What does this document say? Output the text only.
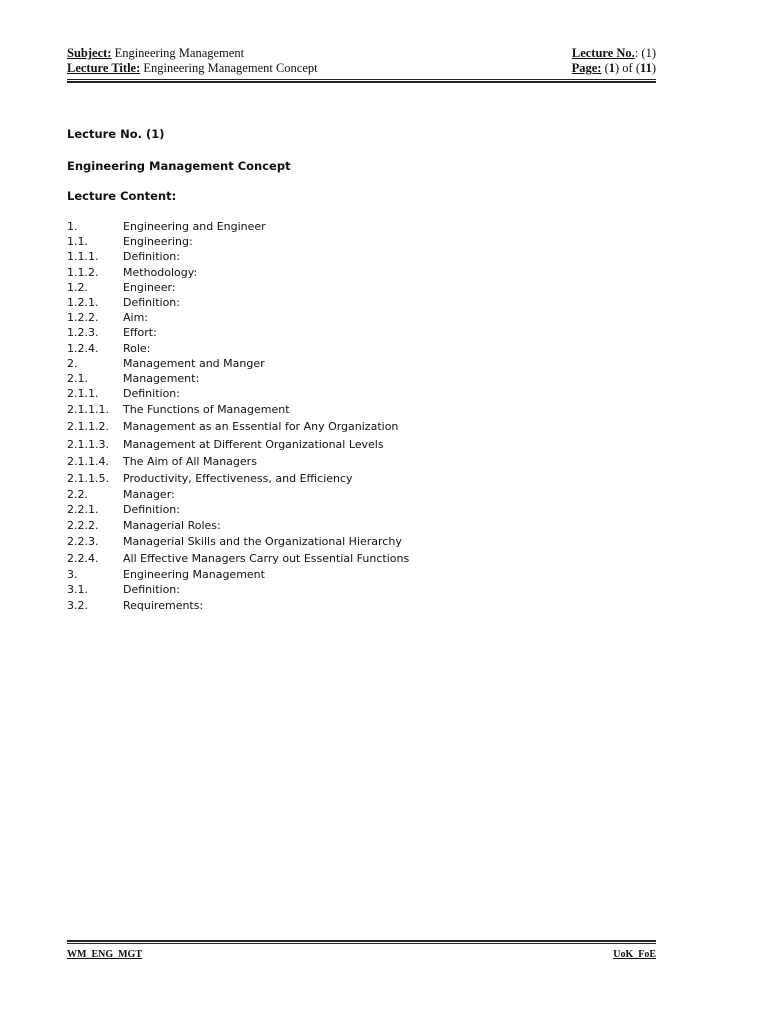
Subject: Engineering Management	Lecture No.: (1)
Lecture Title: Engineering Management Concept	Page: (1) of (11)

Lecture No. (1)

Engineering Management Concept

Lecture Content:

1.	Engineering and Engineer
1.1.	Engineering:
1.1.1.	Definition:
1.1.2.	Methodology:
1.2.	Engineer:
1.2.1.	Definition:
1.2.2.	Aim:
1.2.3.	Effort:
1.2.4.	Role:
2.	Management and Manger
2.1.	Management:
2.1.1.	Definition:
2.1.1.1.	The Functions of Management
2.1.1.2.	Management as an Essential for Any Organization
2.1.1.3.	Management at Different Organizational Levels
2.1.1.4.	The Aim of All Managers
2.1.1.5.	Productivity, Effectiveness, and Efficiency
2.2.	Manager:
2.2.1.	Definition:
2.2.2.	Managerial Roles:
2.2.3.	Managerial Skills and the Organizational Hierarchy
2.2.4.	All Effective Managers Carry out Essential Functions
3.	Engineering Management
3.1.	Definition:
3.2.	Requirements:
WM_ENG_MGT	UoK_FoE
